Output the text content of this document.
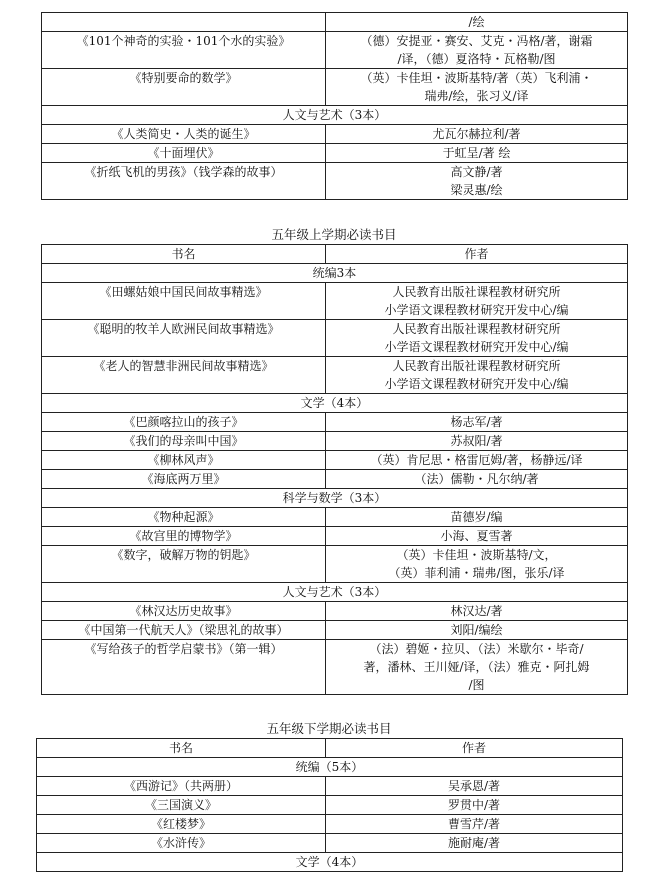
	/绘

《101个神奇的实验・101个水的实验》	（德）安提亚・赛安、艾克・冯格/著，谢霜
/译，（德）夏洛特・瓦格勒/图

《特别要命的数学》	（英）卡佳坦・波斯基特/著（英）飞利浦・
瑞弗/绘，张习义/译

人文与艺术（3本）	
《人类简史・人类的诞生》	尤瓦尔赫拉利/著

《十面埋伏》	于虹呈/著 绘

《折纸飞机的男孩》（钱学森的故事）	高文静/著
梁灵惠/绘
五年级上学期必读书目
书名	作者
统编3本	
《田螺姑娘中国民间故事精选》	人民教育出版社课程教材研究所
小学语文课程教材研究开发中心/编

《聪明的牧羊人欧洲民间故事精选》	人民教育出版社课程教材研究所
小学语文课程教材研究开发中心/编

《老人的智慧非洲民间故事精选》	人民教育出版社课程教材研究所
小学语文课程教材研究开发中心/编

文学（4本）	
《巴颜喀拉山的孩子》	杨志军/著

《我们的母亲叫中国》	苏叔阳/著

《柳林风声》	（英）肯尼思・格雷厄姆/著，杨静远/译

《海底两万里》	（法）儒勒・凡尔纳/著

科学与数学（3本）	
《物种起源》	苗德岁/编

《故宫里的博物学》	小海、夏雪著

《数字，破解万物的钥匙》	（英）卡佳坦・波斯基特/文，
（英）菲利浦・瑞弗/图，张乐/译

人文与艺术（3本）	
《林汉达历史故事》	林汉达/著

《中国第一代航天人》（梁思礼的故事）	刘阳/编绘

《写给孩子的哲学启蒙书》（第一辑）	（法）碧姬・拉贝、（法）米歇尔・毕奇/
著，潘林、王川娅/译，（法）雅克・阿扎姆
/图
五年级下学期必读书目
书名	作者
统编（5本）	
《西游记》（共两册）	吴承恩/著

《三国演义》	罗贯中/著

《红楼梦》	曹雪芹/著

《水浒传》	施耐庵/著

文学（4本）	
